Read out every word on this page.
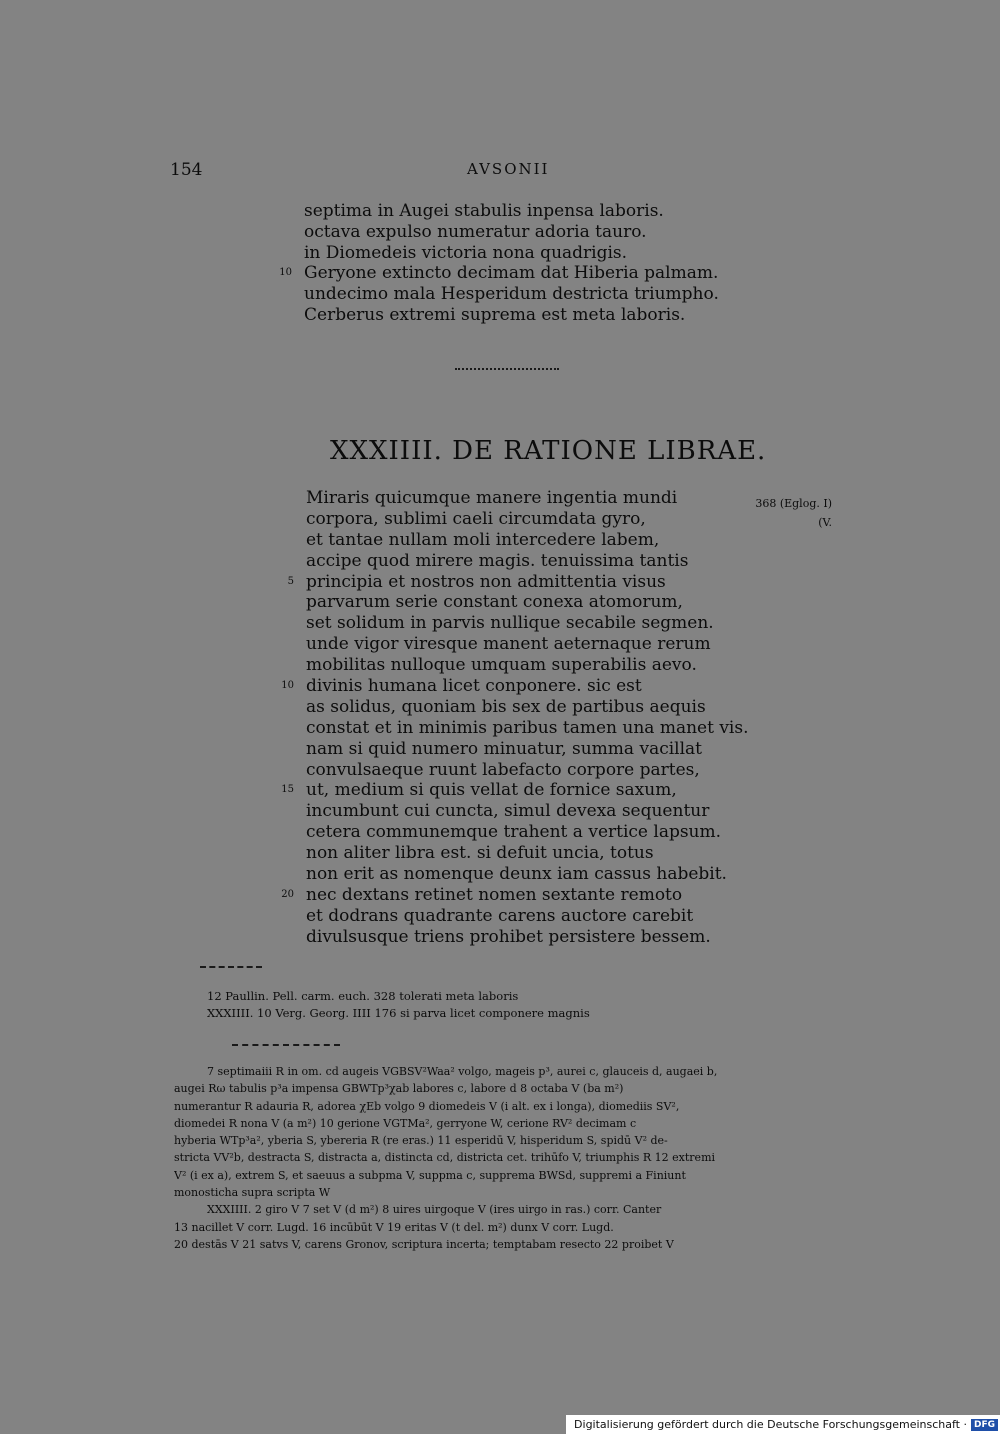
154	AVSONII
septima in Augei stabulis inpensa laboris.
octava expulso numeratur adoria tauro.
in Diomedeis victoria nona quadrigis.
10 Geryone extincto decimam dat Hiberia palmam.
undecimo mala Hesperidum destricta triumpho.
Cerberus extremi suprema est meta laboris.
XXXIIII. DE RATIONE LIBRAE.
368 (Eglog. I)
(V.
Miraris quicumque manere ingentia mundi
corpora, sublimi caeli circumdata gyro,
et tantae nullam moli intercedere labem,
accipe quod mirere magis. tenuissima tantis
5 principia et nostros non admittentia visus
parvarum serie constant conexa atomorum,
set solidum in parvis nullique secabile segmen.
unde vigor viresque manent aeternaque rerum
mobilitas nulloque umquam superabilis aevo.
10 divinis humana licet conponere. sic est
as solidus, quoniam bis sex de partibus aequis
constat et in minimis paribus tamen una manet vis.
nam si quid numero minuatur, summa vacillat
convulsaeque ruunt labefacto corpore partes,
15 ut, medium si quis vellat de fornice saxum,
incumbunt cui cuncta, simul devexa sequentur
cetera communemque trahent a vertice lapsum.
non aliter libra est. si defuit uncia, totus
non erit as nomenque deunx iam cassus habebit.
20 nec dextans retinet nomen sextante remoto
et dodrans quadrante carens auctore carebit
divulsusque triens prohibet persistere bessem.
12 Paullin. Pell. carm. euch. 328 tolerati meta laboris
XXXIIII. 10 Verg. Georg. IIII 176 si parva licet componere magnis
7 septimaiii R in om. cd augeis VGBSV²Waa² volgo, mageis p³, aurei c, glauceis d, augaei b,
augei Rω tabulis p³a impensa GBWTp³χab labores c, labore d 8 octaba V (ba m²)
numerantur R adauria R, adorea χEb volgo 9 diomedeis V (i alt. ex i longa), diomediis SV²,
diomedei R nona V (a m²) 10 gerione VGTMa², gerryone W, cerione RV² decimam c
hyberia WTp³a², yberia S, ybereria R (re eras.) 11 esperidū V, hisperidum S, spidū V² de-
stricta VV²b, destracta S, distracta a, distincta cd, districta cet. trihūfo V, triumphis R 12 extremi
V² (i ex a), extrem S, et saeuus a subpma V, suppma c, supprema BWSd, suppremi a Finiunt
monosticha supra scripta W
XXXIIII. 2 giro V 7 set V (d m²) 8 uires uirgoque V (ires uirgo in ras.) corr. Canter
13 nacillet V corr. Lugd. 16 incūbūt V 19 eritas V (t del. m²) dunx V corr. Lugd.
20 destās V 21 satvs V, carens Gronov, scriptura incerta; temptabam resecto 22 proibet V
Digitalisierung gefördert durch die Deutsche Forschungsgemeinschaft · DFG
